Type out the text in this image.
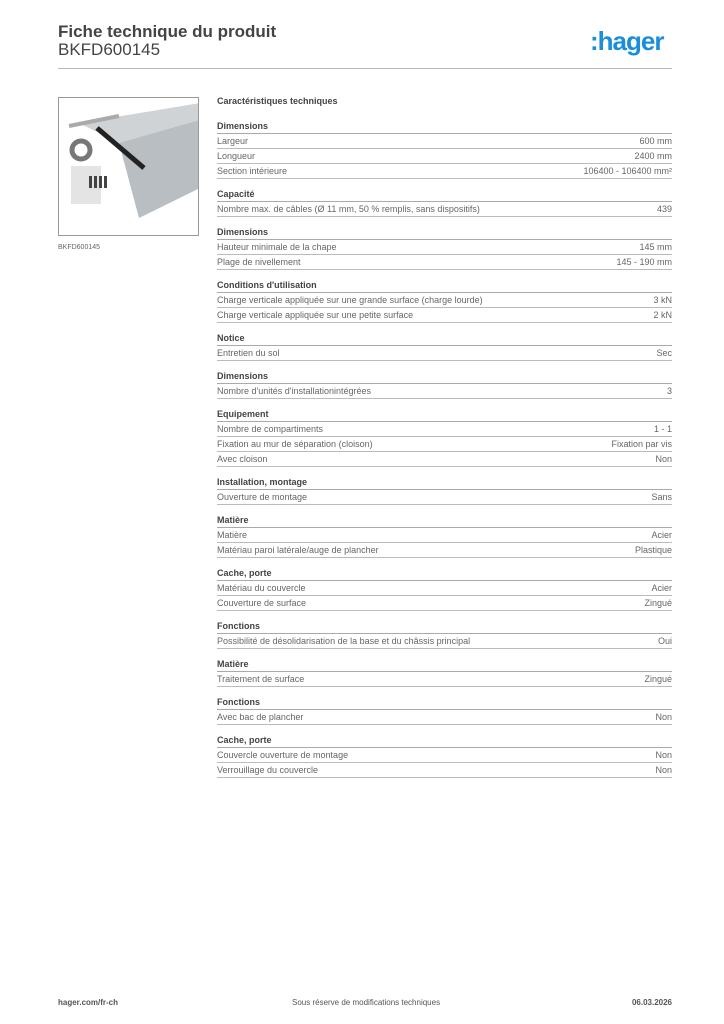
Fiche technique du produit
BKFD600145	:hager
BKFD600145
Caractéristiques techniques
Dimensions
Largeur	600 mm
Longueur	2400 mm
Section intérieure	106400 - 106400 mm²
Capacité
Nombre max. de câbles (Ø 11 mm, 50 % remplis, sans dispositifs)	439
Dimensions
Hauteur minimale de la chape	145 mm
Plage de nivellement	145 - 190 mm
Conditions d'utilisation
Charge verticale appliquée sur une grande surface (charge lourde)	3 kN
Charge verticale appliquée sur une petite surface	2 kN
Notice
Entretien du sol	Sec
Dimensions
Nombre d'unités d'installationintégrées	3
Equipement
Nombre de compartiments	1 - 1
Fixation au mur de séparation (cloison)	Fixation par vis
Avec cloison	Non
Installation, montage
Ouverture de montage	Sans
Matière
Matière	Acier
Matériau paroi latérale/auge de plancher	Plastique
Cache, porte
Matériau du couvercle	Acier
Couverture de surface	Zingué
Fonctions
Possibilité de désolidarisation de la base et du châssis principal	Oui
Matière
Traitement de surface	Zingué
Fonctions
Avec bac de plancher	Non
Cache, porte
Couvercle ouverture de montage	Non
Verrouillage du couvercle	Non
hager.com/fr-ch	Sous réserve de modifications techniques	06.03.2026
